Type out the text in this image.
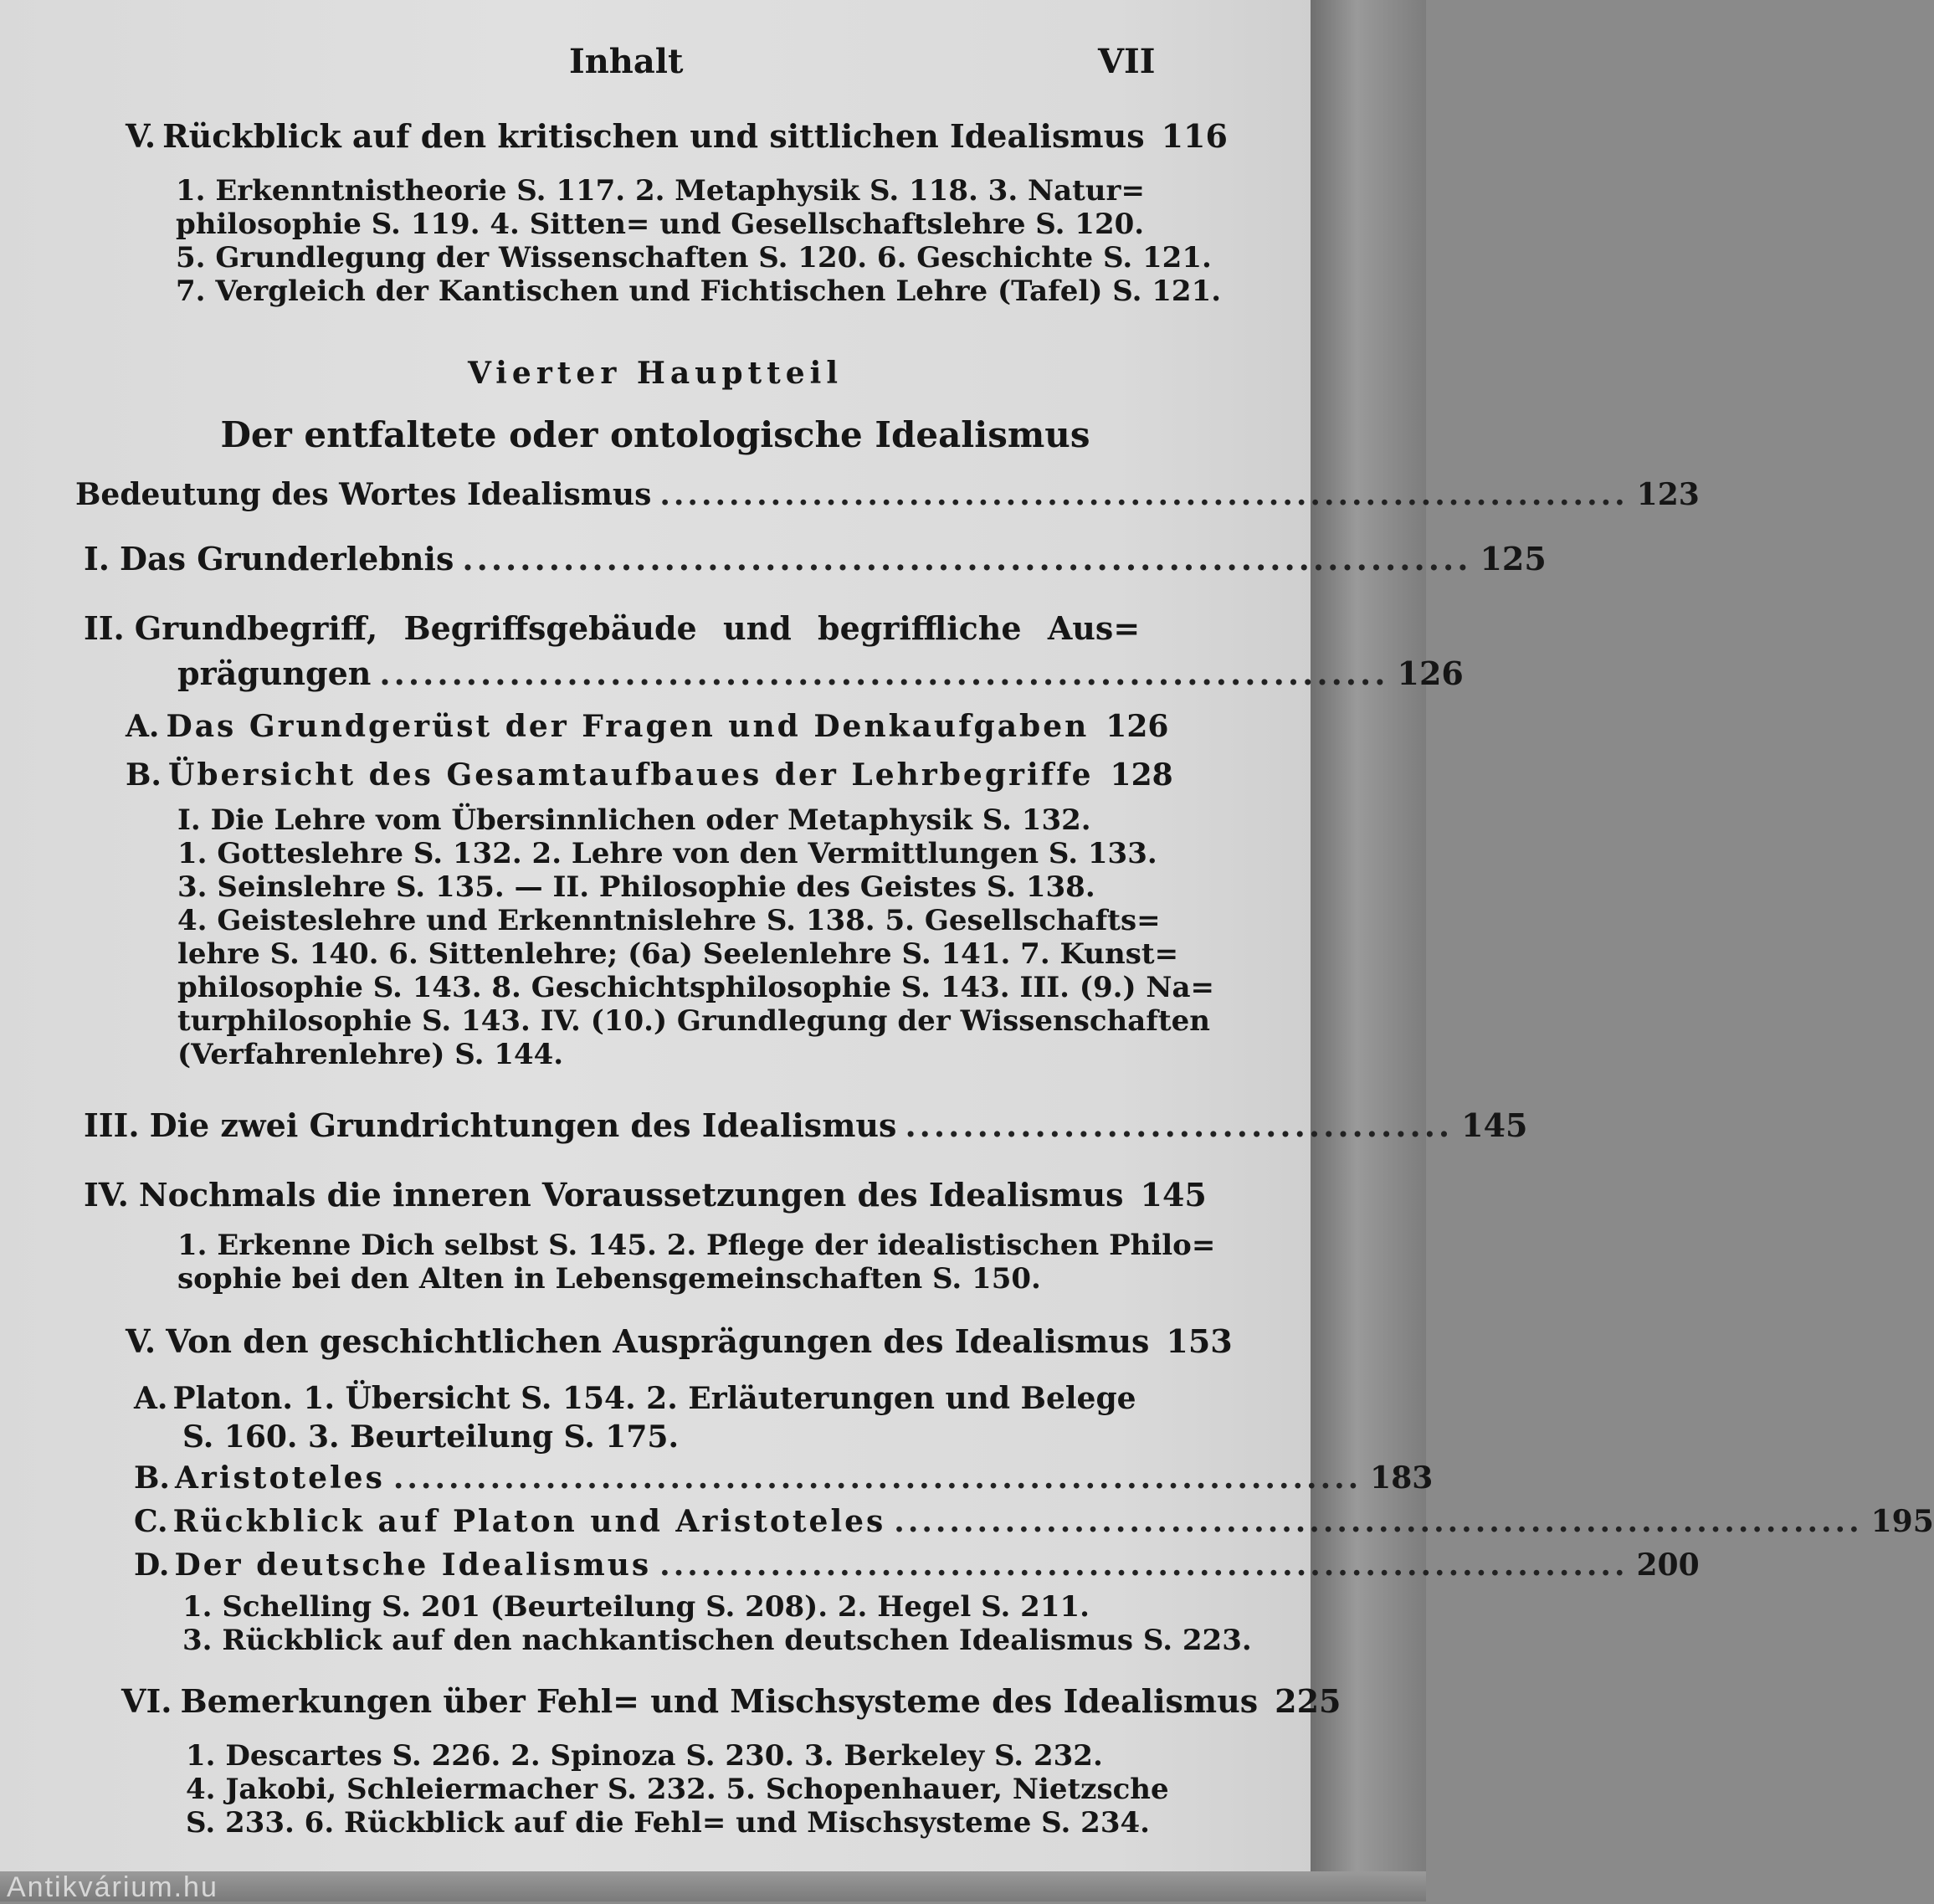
Antikvárium.hu
Inhalt	VII
V. Rückblick auf den kritischen und sittlichen Idealismus 116
1. Erkenntnistheorie S. 117. 2. Metaphysik S. 118. 3. Natur=
philosophie S. 119. 4. Sitten= und Gesellschaftslehre S. 120.
5. Grundlegung der Wissenschaften S. 120. 6. Geschichte S. 121.
7. Vergleich der Kantischen und Fichtischen Lehre (Tafel) S. 121.
Vierter Hauptteil
Der entfaltete oder ontologische Idealismus
Bedeutung des Wortes Idealismus ...................................................................... 123
I. Das Grunderlebnis ...................................................................... 125
II. Grundbegriff, Begriffsgebäude und begriffliche Aus=
prägungen ...................................................................... 126
A. Das Grundgerüst der Fragen und Denkaufgaben 126
B. Übersicht des Gesamtaufbaues der Lehrbegriffe 128
I. Die Lehre vom Übersinnlichen oder Metaphysik S. 132.
1. Gotteslehre S. 132. 2. Lehre von den Vermittlungen S. 133.
3. Seinslehre S. 135. — II. Philosophie des Geistes S. 138.
4. Geisteslehre und Erkenntnislehre S. 138. 5. Gesellschafts=
lehre S. 140. 6. Sittenlehre; (6a) Seelenlehre S. 141. 7. Kunst=
philosophie S. 143. 8. Geschichtsphilosophie S. 143. III. (9.) Na=
turphilosophie S. 143. IV. (10.) Grundlegung der Wissenschaften
(Verfahrenlehre) S. 144.
III. Die zwei Grundrichtungen des Idealismus ...................................... 145
IV. Nochmals die inneren Voraussetzungen des Idealismus 145
1. Erkenne Dich selbst S. 145. 2. Pflege der idealistischen Philo=
sophie bei den Alten in Lebensgemeinschaften S. 150.
V. Von den geschichtlichen Ausprägungen des Idealismus 153
A. Platon. 1. Übersicht S. 154. 2. Erläuterungen und Belege
S. 160. 3. Beurteilung S. 175.
B. Aristoteles ...................................................................... 183
C. Rückblick auf Platon und Aristoteles ...................................................................... 195
D. Der deutsche Idealismus ...................................................................... 200
1. Schelling S. 201 (Beurteilung S. 208). 2. Hegel S. 211.
3. Rückblick auf den nachkantischen deutschen Idealismus S. 223.
VI. Bemerkungen über Fehl= und Mischsysteme des Idealismus 225
1. Descartes S. 226. 2. Spinoza S. 230. 3. Berkeley S. 232.
4. Jakobi, Schleiermacher S. 232. 5. Schopenhauer, Nietzsche
S. 233. 6. Rückblick auf die Fehl= und Mischsysteme S. 234.
